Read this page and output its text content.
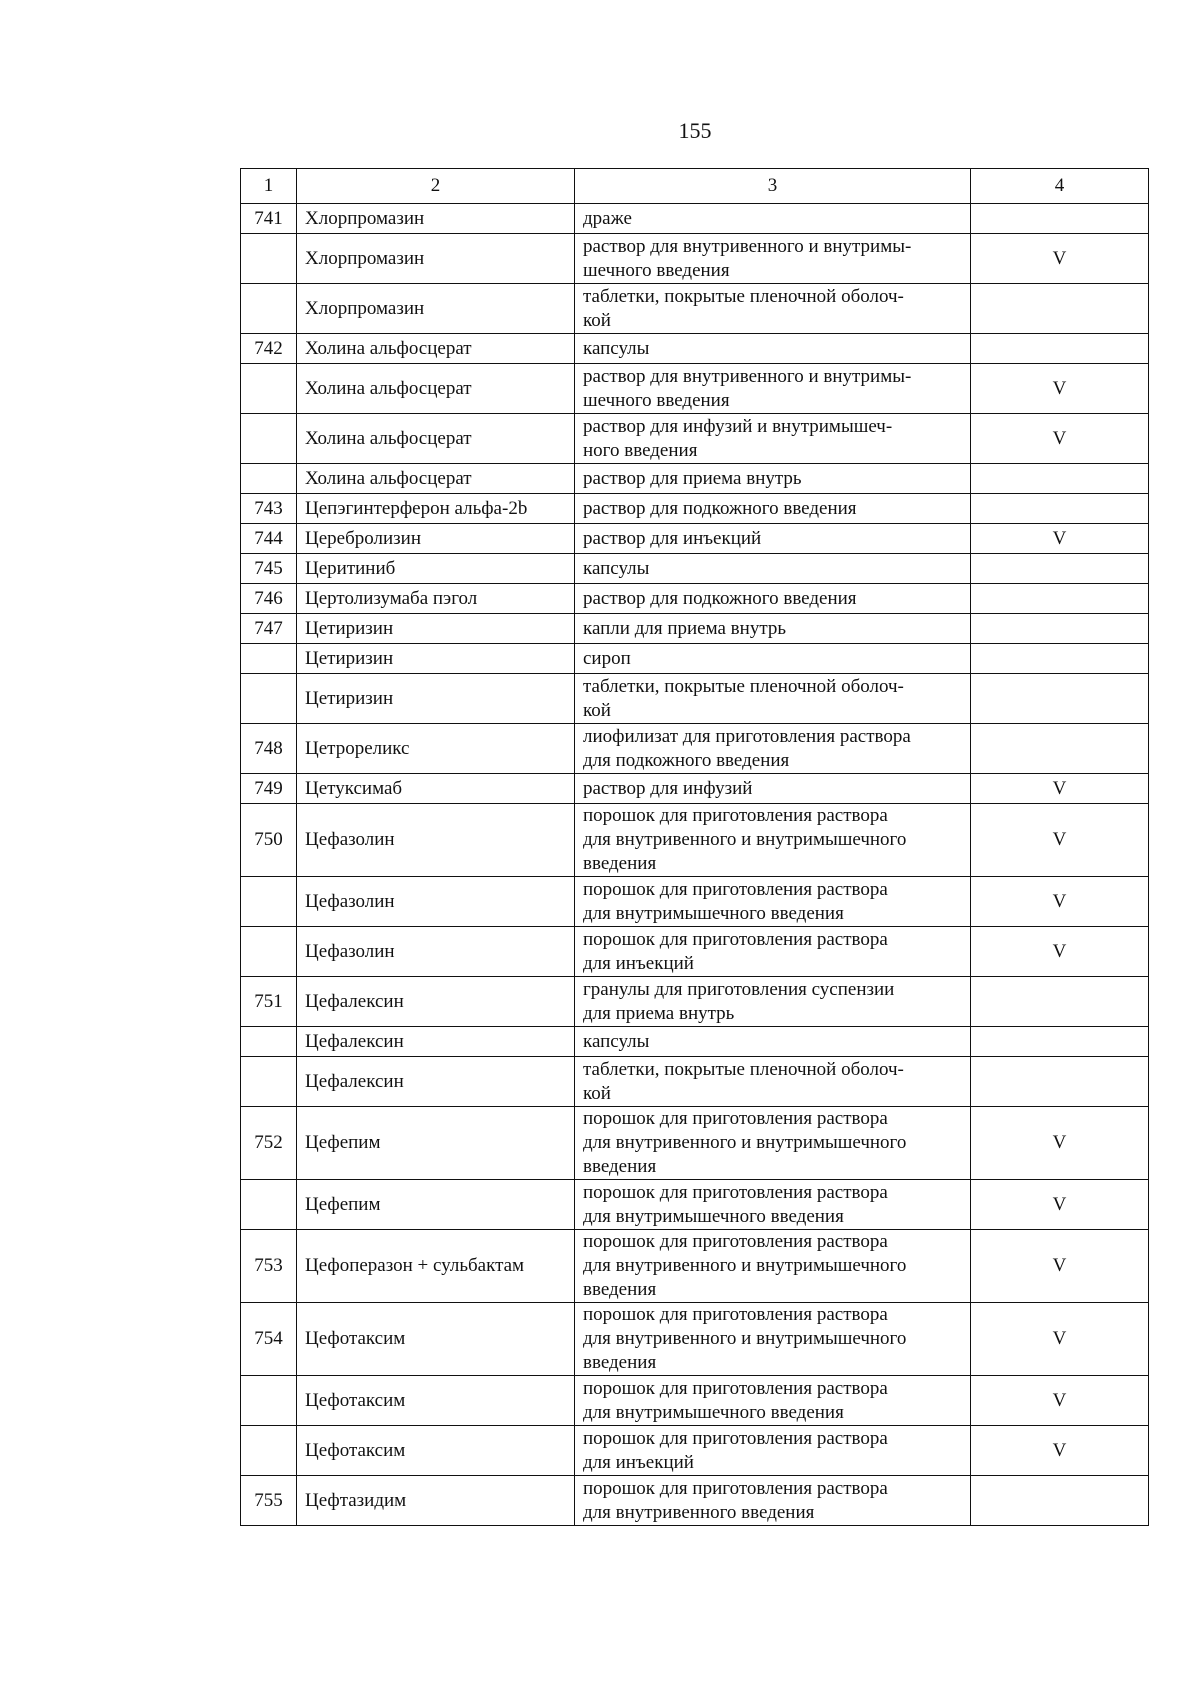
155
1	2	3	4
741	Хлорпромазин	драже	
	Хлорпромазин	раствор для внутривенного и внутримы-
шечного введения	V
	Хлорпромазин	таблетки, покрытые пленочной оболоч-
кой	
742	Холина альфосцерат	капсулы	
	Холина альфосцерат	раствор для внутривенного и внутримы-
шечного введения	V
	Холина альфосцерат	раствор для инфузий и внутримышеч-
ного введения	V
	Холина альфосцерат	раствор для приема внутрь	
743	Цепэгинтерферон альфа-2b	раствор для подкожного введения	
744	Церебролизин	раствор для инъекций	V
745	Церитиниб	капсулы	
746	Цертолизумаба пэгол	раствор для подкожного введения	
747	Цетиризин	капли для приема внутрь	
	Цетиризин	сироп	
	Цетиризин	таблетки, покрытые пленочной оболоч-
кой	
748	Цетрореликс	лиофилизат для приготовления раствора
для подкожного введения	
749	Цетуксимаб	раствор для инфузий	V
750	Цефазолин	порошок для приготовления раствора
для внутривенного и внутримышечного
введения	V
	Цефазолин	порошок для приготовления раствора
для внутримышечного введения	V
	Цефазолин	порошок для приготовления раствора
для инъекций	V
751	Цефалексин	гранулы для приготовления суспензии
для приема внутрь	
	Цефалексин	капсулы	
	Цефалексин	таблетки, покрытые пленочной оболоч-
кой	
752	Цефепим	порошок для приготовления раствора
для внутривенного и внутримышечного
введения	V
	Цефепим	порошок для приготовления раствора
для внутримышечного введения	V
753	Цефоперазон + сульбактам	порошок для приготовления раствора
для внутривенного и внутримышечного
введения	V
754	Цефотаксим	порошок для приготовления раствора
для внутривенного и внутримышечного
введения	V
	Цефотаксим	порошок для приготовления раствора
для внутримышечного введения	V
	Цефотаксим	порошок для приготовления раствора
для инъекций	V
755	Цефтазидим	порошок для приготовления раствора
для внутривенного введения	
